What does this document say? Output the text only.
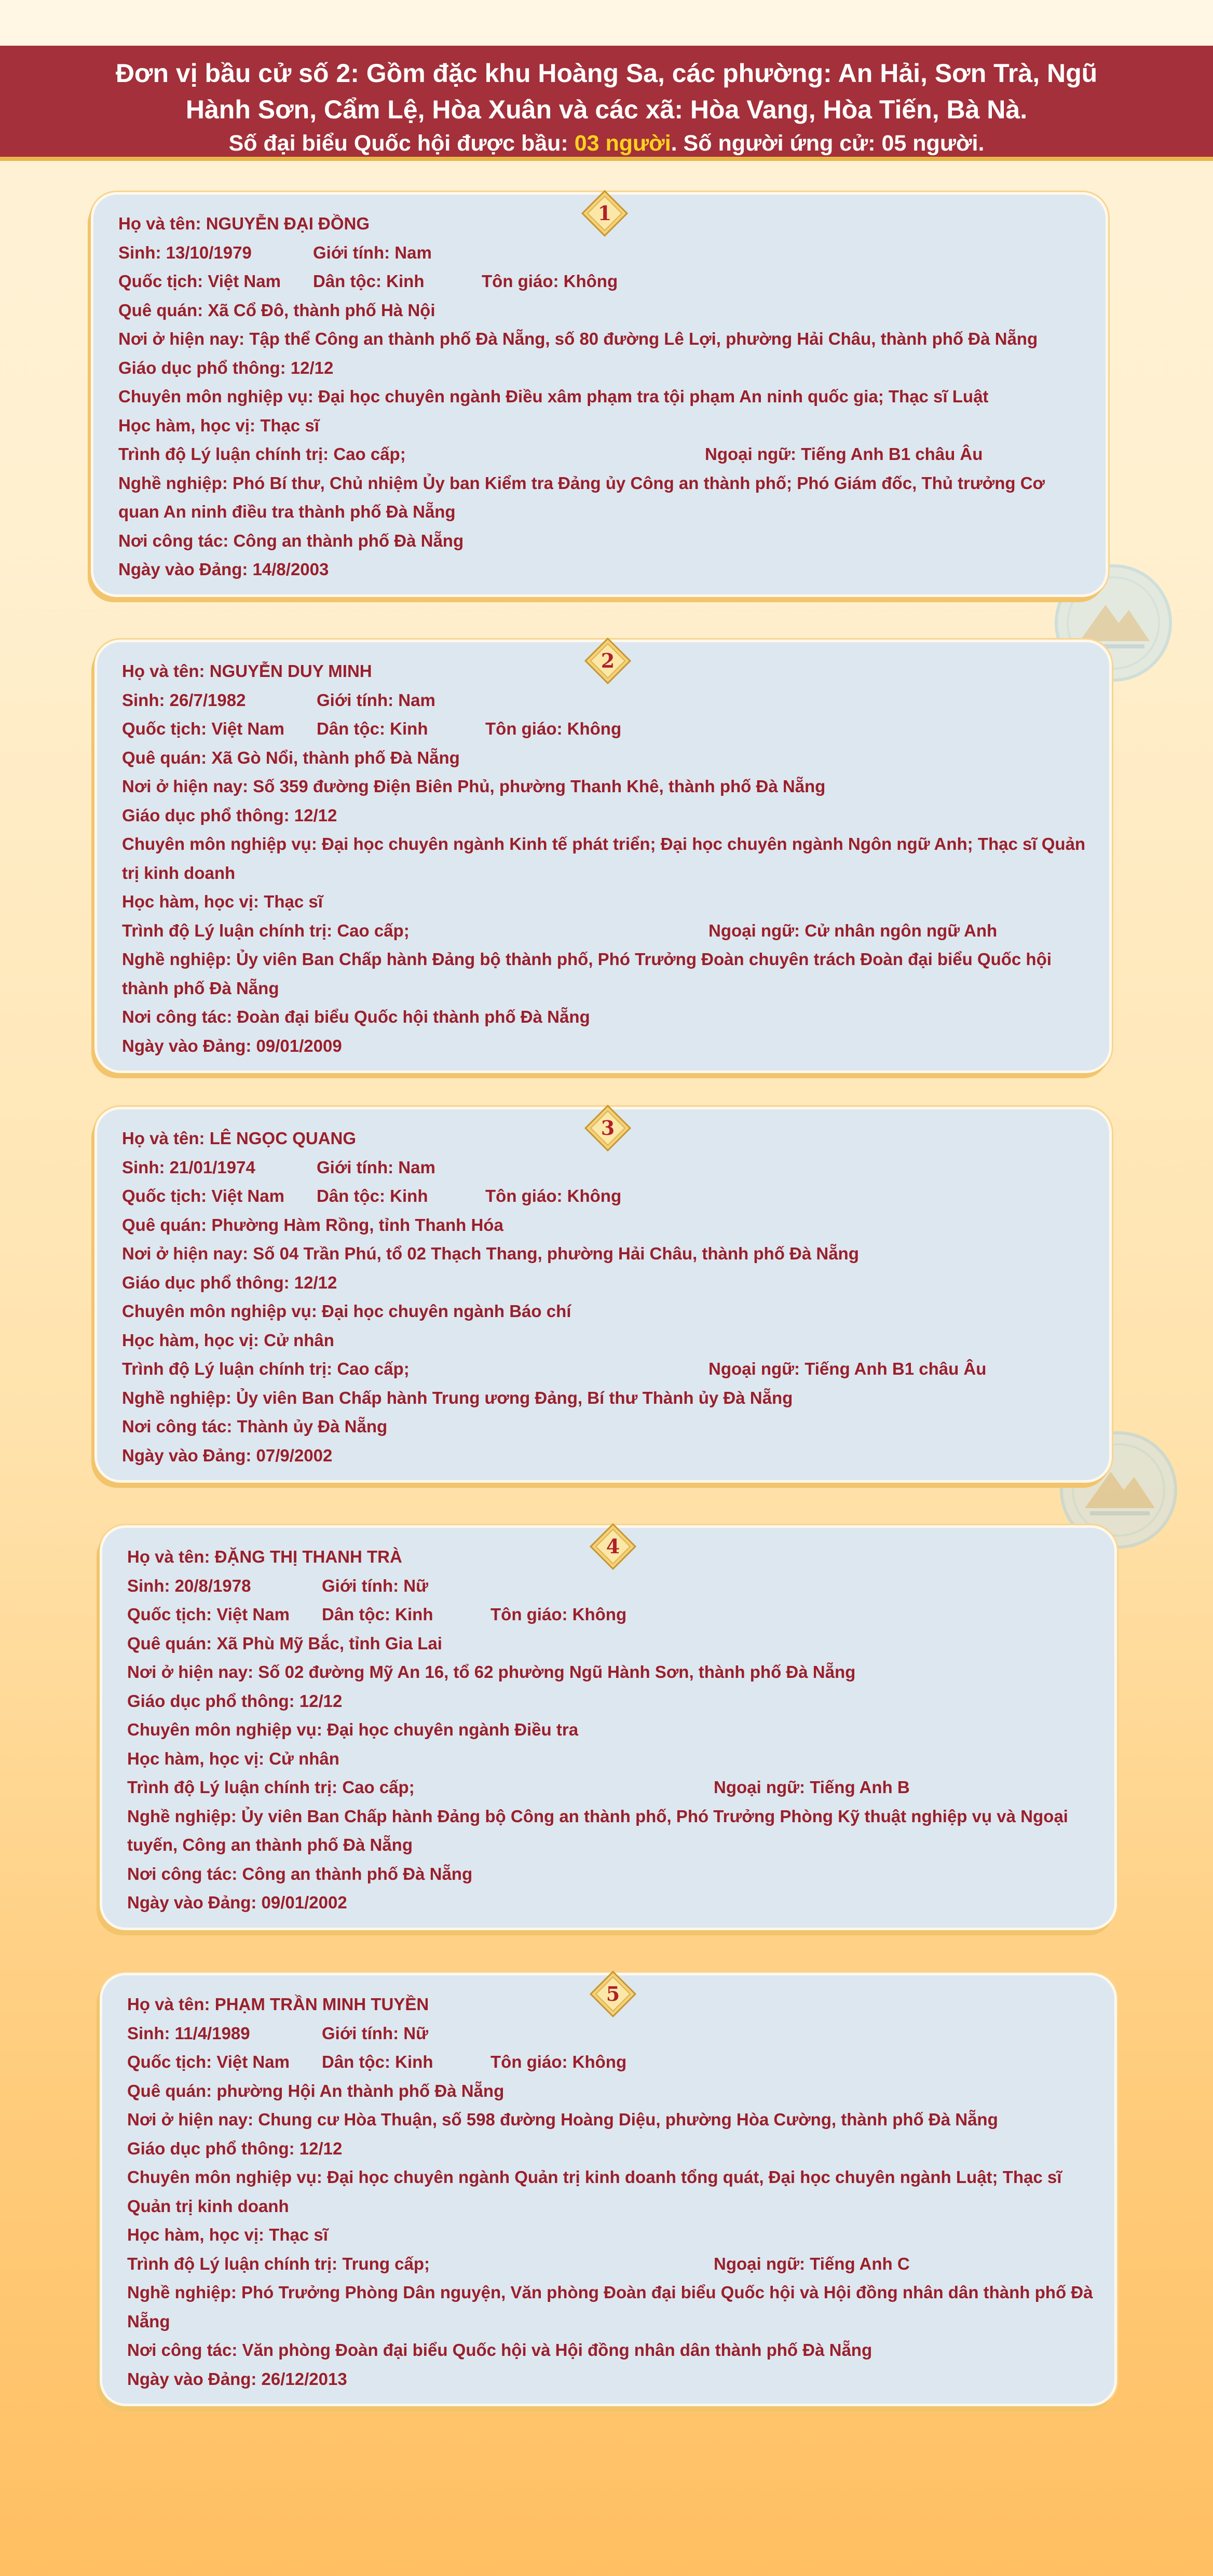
Đơn vị bầu cử số 2: Gồm đặc khu Hoàng Sa, các phường: An Hải, Sơn Trà, Ngũ Hành Sơn, Cẩm Lệ, Hòa Xuân và các xã: Hòa Vang, Hòa Tiến, Bà Nà.
Số đại biểu Quốc hội được bầu: 03 người. Số người ứng cử: 05 người.
Họ và tên: NGUYỄN ĐẠI ĐỒNG
Sinh: 13/10/1979	Giới tính: Nam
Quốc tịch: Việt Nam Dân tộc: Kinh	Tôn giáo: Không
Quê quán: Xã Cổ Đô, thành phố Hà Nội
Nơi ở hiện nay: Tập thể Công an thành phố Đà Nẵng, số 80 đường Lê Lợi, phường Hải Châu, thành phố Đà Nẵng
Giáo dục phổ thông: 12/12
Chuyên môn nghiệp vụ: Đại học chuyên ngành Điều xâm phạm tra tội phạm An ninh quốc gia; Thạc sĩ Luật
Học hàm, học vị: Thạc sĩ
Trình độ Lý luận chính trị: Cao cấp;	Ngoại ngữ: Tiếng Anh B1 châu Âu
Nghề nghiệp: Phó Bí thư, Chủ nhiệm Ủy ban Kiểm tra Đảng ủy Công an thành phố; Phó Giám đốc, Thủ trưởng Cơ quan An ninh điều tra thành phố Đà Nẵng
Nơi công tác: Công an thành phố Đà Nẵng
Ngày vào Đảng: 14/8/2003
Họ và tên: NGUYỄN DUY MINH
Sinh: 26/7/1982	Giới tính: Nam
Quốc tịch: Việt Nam Dân tộc: Kinh	Tôn giáo: Không
Quê quán: Xã Gò Nổi, thành phố Đà Nẵng
Nơi ở hiện nay: Số 359 đường Điện Biên Phủ, phường Thanh Khê, thành phố Đà Nẵng
Giáo dục phổ thông: 12/12
Chuyên môn nghiệp vụ: Đại học chuyên ngành Kinh tế phát triển; Đại học chuyên ngành Ngôn ngữ Anh; Thạc sĩ Quản trị kinh doanh
Học hàm, học vị: Thạc sĩ
Trình độ Lý luận chính trị: Cao cấp;	Ngoại ngữ: Cử nhân ngôn ngữ Anh
Nghề nghiệp: Ủy viên Ban Chấp hành Đảng bộ thành phố, Phó Trưởng Đoàn chuyên trách Đoàn đại biểu Quốc hội thành phố Đà Nẵng
Nơi công tác: Đoàn đại biểu Quốc hội thành phố Đà Nẵng
Ngày vào Đảng: 09/01/2009
Họ và tên: LÊ NGỌC QUANG
Sinh: 21/01/1974	Giới tính: Nam
Quốc tịch: Việt Nam Dân tộc: Kinh	Tôn giáo: Không
Quê quán: Phường Hàm Rồng, tỉnh Thanh Hóa
Nơi ở hiện nay: Số 04 Trần Phú, tổ 02 Thạch Thang, phường Hải Châu, thành phố Đà Nẵng
Giáo dục phổ thông: 12/12
Chuyên môn nghiệp vụ: Đại học chuyên ngành Báo chí
Học hàm, học vị: Cử nhân
Trình độ Lý luận chính trị: Cao cấp;	Ngoại ngữ: Tiếng Anh B1 châu Âu
Nghề nghiệp: Ủy viên Ban Chấp hành Trung ương Đảng, Bí thư Thành ủy Đà Nẵng
Nơi công tác: Thành ủy Đà Nẵng
Ngày vào Đảng: 07/9/2002
Họ và tên: ĐẶNG THỊ THANH TRÀ
Sinh: 20/8/1978	Giới tính: Nữ
Quốc tịch: Việt Nam Dân tộc: Kinh	Tôn giáo: Không
Quê quán: Xã Phù Mỹ Bắc, tỉnh Gia Lai
Nơi ở hiện nay: Số 02 đường Mỹ An 16, tổ 62 phường Ngũ Hành Sơn, thành phố Đà Nẵng
Giáo dục phổ thông: 12/12
Chuyên môn nghiệp vụ: Đại học chuyên ngành Điều tra
Học hàm, học vị: Cử nhân
Trình độ Lý luận chính trị: Cao cấp;	Ngoại ngữ: Tiếng Anh B
Nghề nghiệp: Ủy viên Ban Chấp hành Đảng bộ Công an thành phố, Phó Trưởng Phòng Kỹ thuật nghiệp vụ và Ngoại tuyến, Công an thành phố Đà Nẵng
Nơi công tác: Công an thành phố Đà Nẵng
Ngày vào Đảng: 09/01/2002
Họ và tên: PHẠM TRẦN MINH TUYỀN
Sinh: 11/4/1989	Giới tính: Nữ
Quốc tịch: Việt Nam Dân tộc: Kinh	Tôn giáo: Không
Quê quán: phường Hội An thành phố Đà Nẵng
Nơi ở hiện nay: Chung cư Hòa Thuận, số 598 đường Hoàng Diệu, phường Hòa Cường, thành phố Đà Nẵng
Giáo dục phổ thông: 12/12
Chuyên môn nghiệp vụ: Đại học chuyên ngành Quản trị kinh doanh tổng quát, Đại học chuyên ngành Luật; Thạc sĩ Quản trị kinh doanh
Học hàm, học vị: Thạc sĩ
Trình độ Lý luận chính trị: Trung cấp;	Ngoại ngữ: Tiếng Anh C
Nghề nghiệp: Phó Trưởng Phòng Dân nguyện, Văn phòng Đoàn đại biểu Quốc hội và Hội đồng nhân dân thành phố Đà Nẵng
Nơi công tác: Văn phòng Đoàn đại biểu Quốc hội và Hội đồng nhân dân thành phố Đà Nẵng
Ngày vào Đảng: 26/12/2013
1
2
3
4
5
